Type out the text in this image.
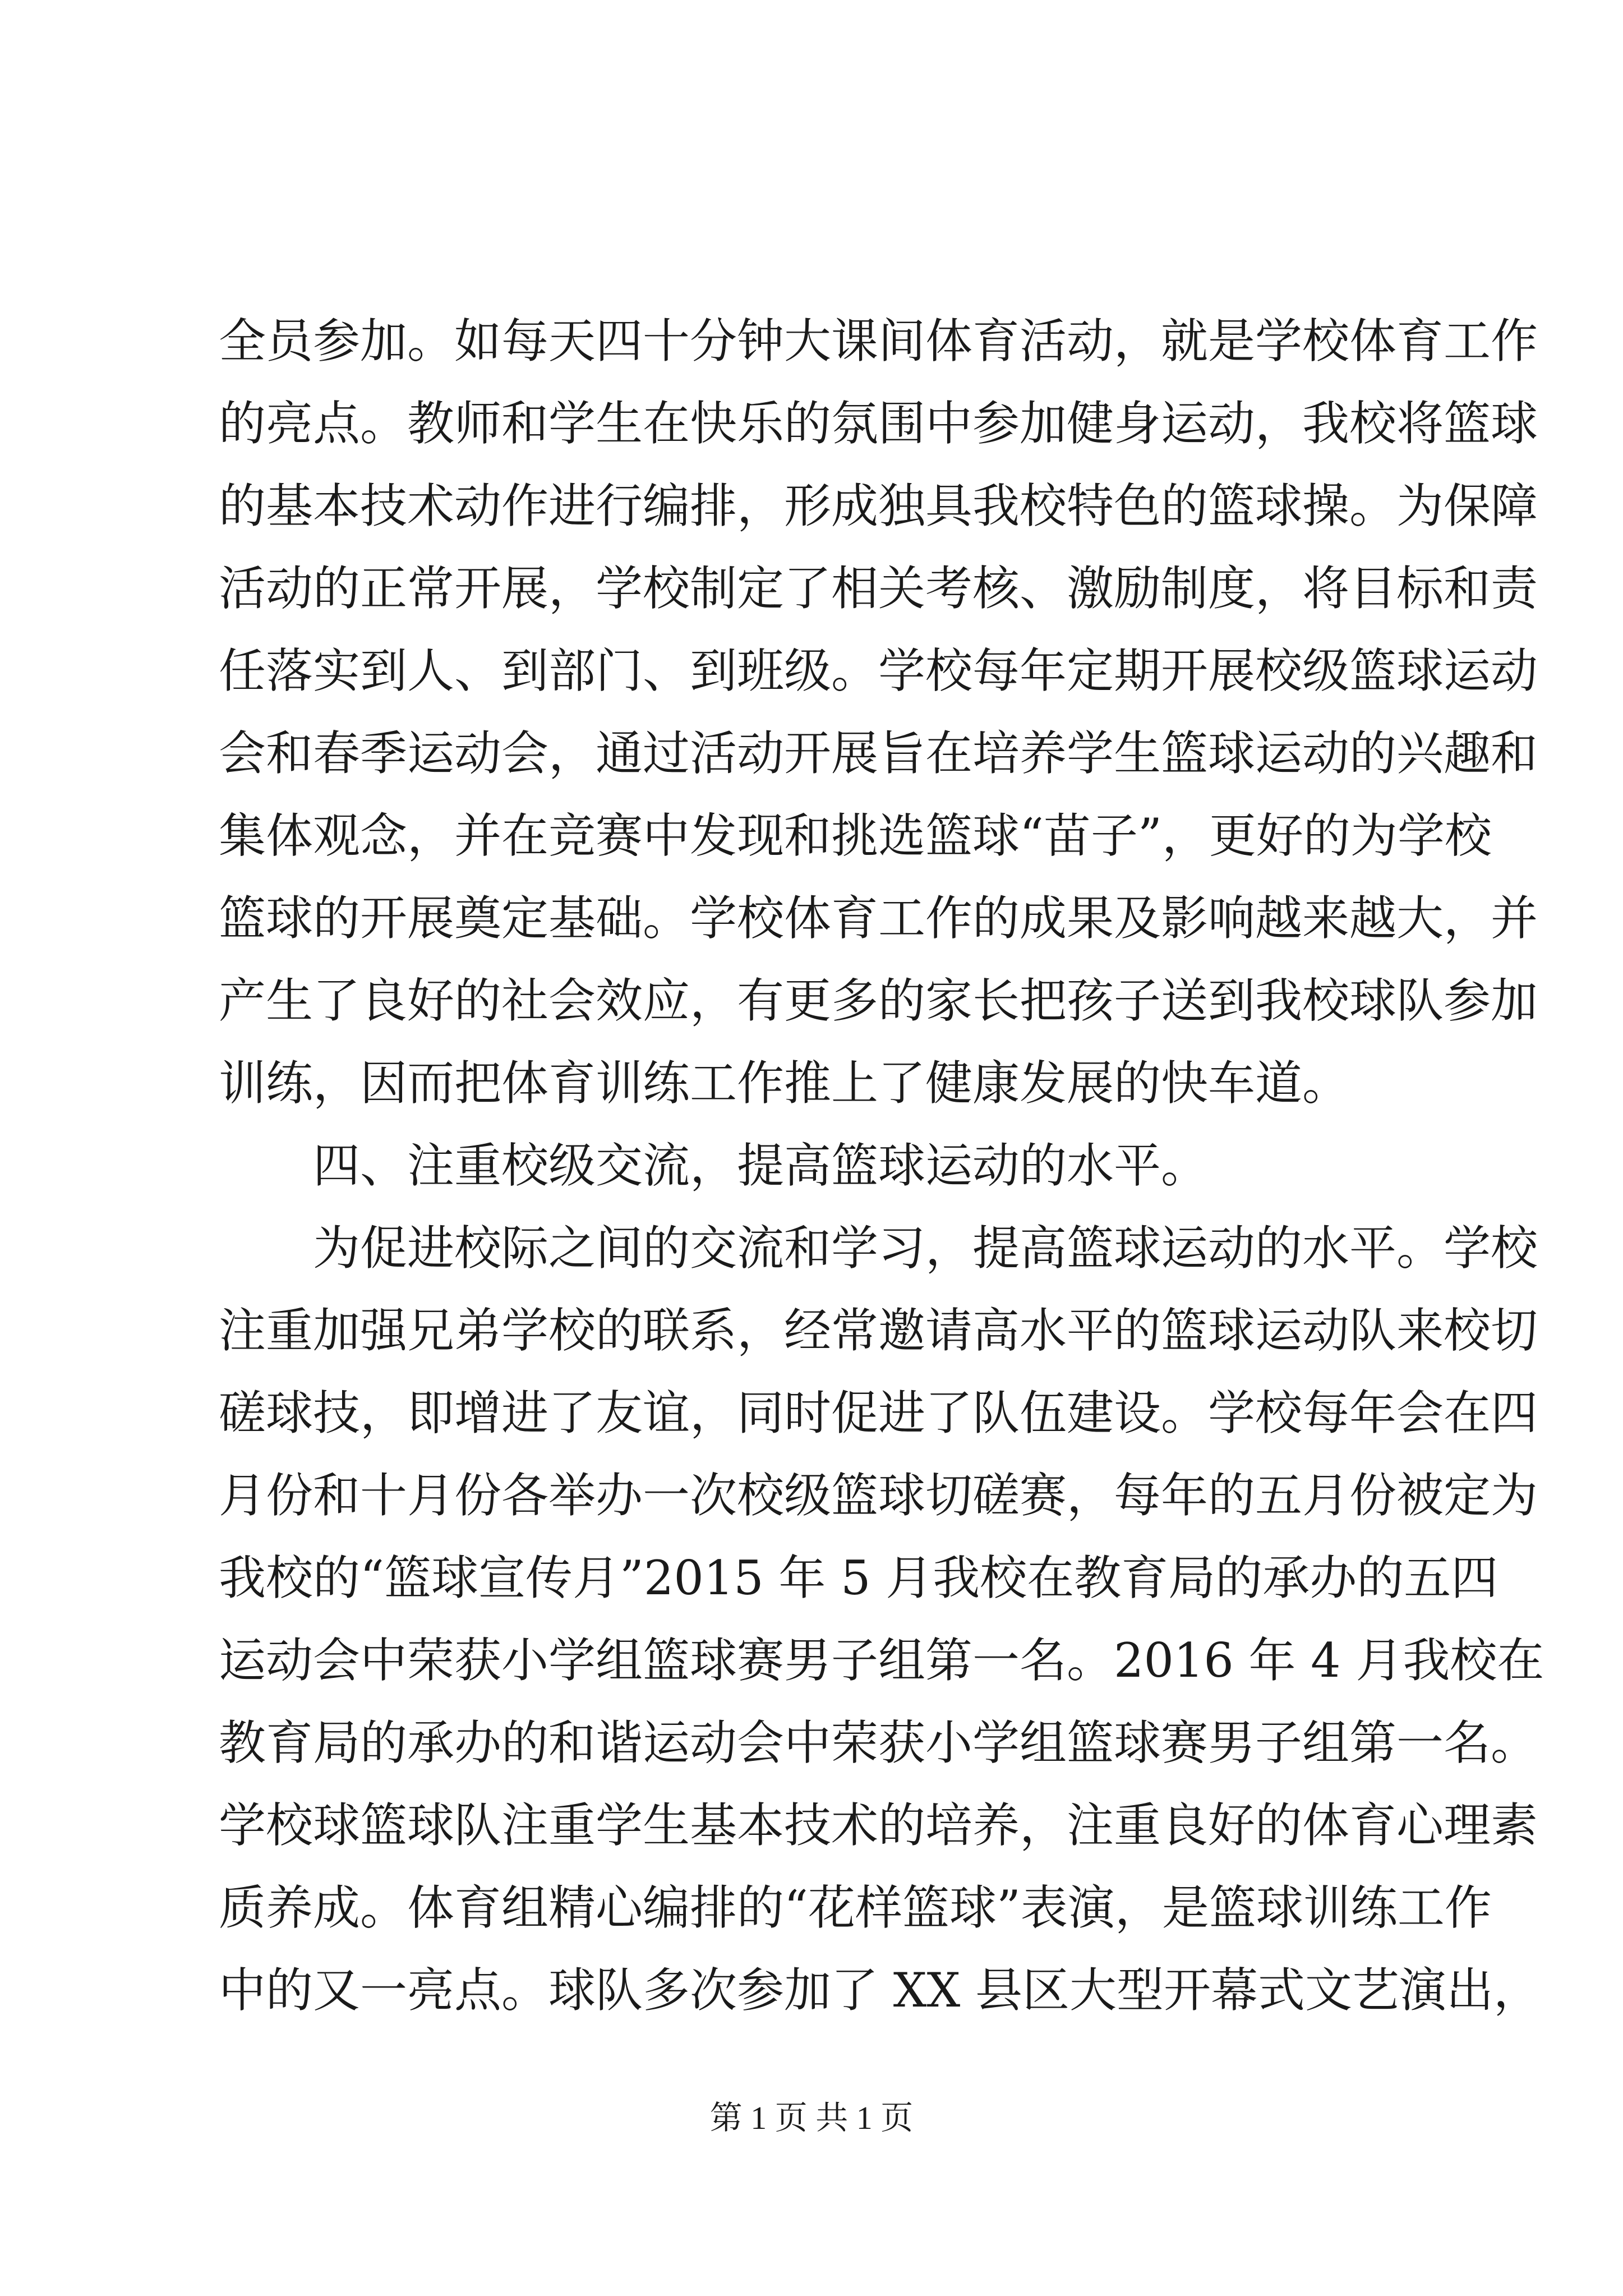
全员参加。如每天四十分钟大课间体育活动，就是学校体育工作
的亮点。教师和学生在快乐的氛围中参加健身运动，我校将篮球
的基本技术动作进行编排，形成独具我校特色的篮球操。为保障
活动的正常开展，学校制定了相关考核、激励制度，将目标和责
任落实到人、到部门、到班级。学校每年定期开展校级篮球运动
会和春季运动会，通过活动开展旨在培养学生篮球运动的兴趣和
集体观念，并在竞赛中发现和挑选篮球“苗子”，更好的为学校
篮球的开展奠定基础。学校体育工作的成果及影响越来越大，并
产生了良好的社会效应，有更多的家长把孩子送到我校球队参加
训练，因而把体育训练工作推上了健康发展的快车道。
四、注重校级交流，提高篮球运动的水平。
为促进校际之间的交流和学习，提高篮球运动的水平。学校
注重加强兄弟学校的联系，经常邀请高水平的篮球运动队来校切
磋球技，即增进了友谊，同时促进了队伍建设。学校每年会在四
月份和十月份各举办一次校级篮球切磋赛，每年的五月份被定为
我校的“篮球宣传月”2015 年 5 月我校在教育局的承办的五四
运动会中荣获小学组篮球赛男子组第一名。2016 年 4 月我校在
教育局的承办的和谐运动会中荣获小学组篮球赛男子组第一名。
学校球篮球队注重学生基本技术的培养，注重良好的体育心理素
质养成。体育组精心编排的“花样篮球”表演，是篮球训练工作
中的又一亮点。球队多次参加了 XX 县区大型开幕式文艺演出，
第 1 页 共 1 页
